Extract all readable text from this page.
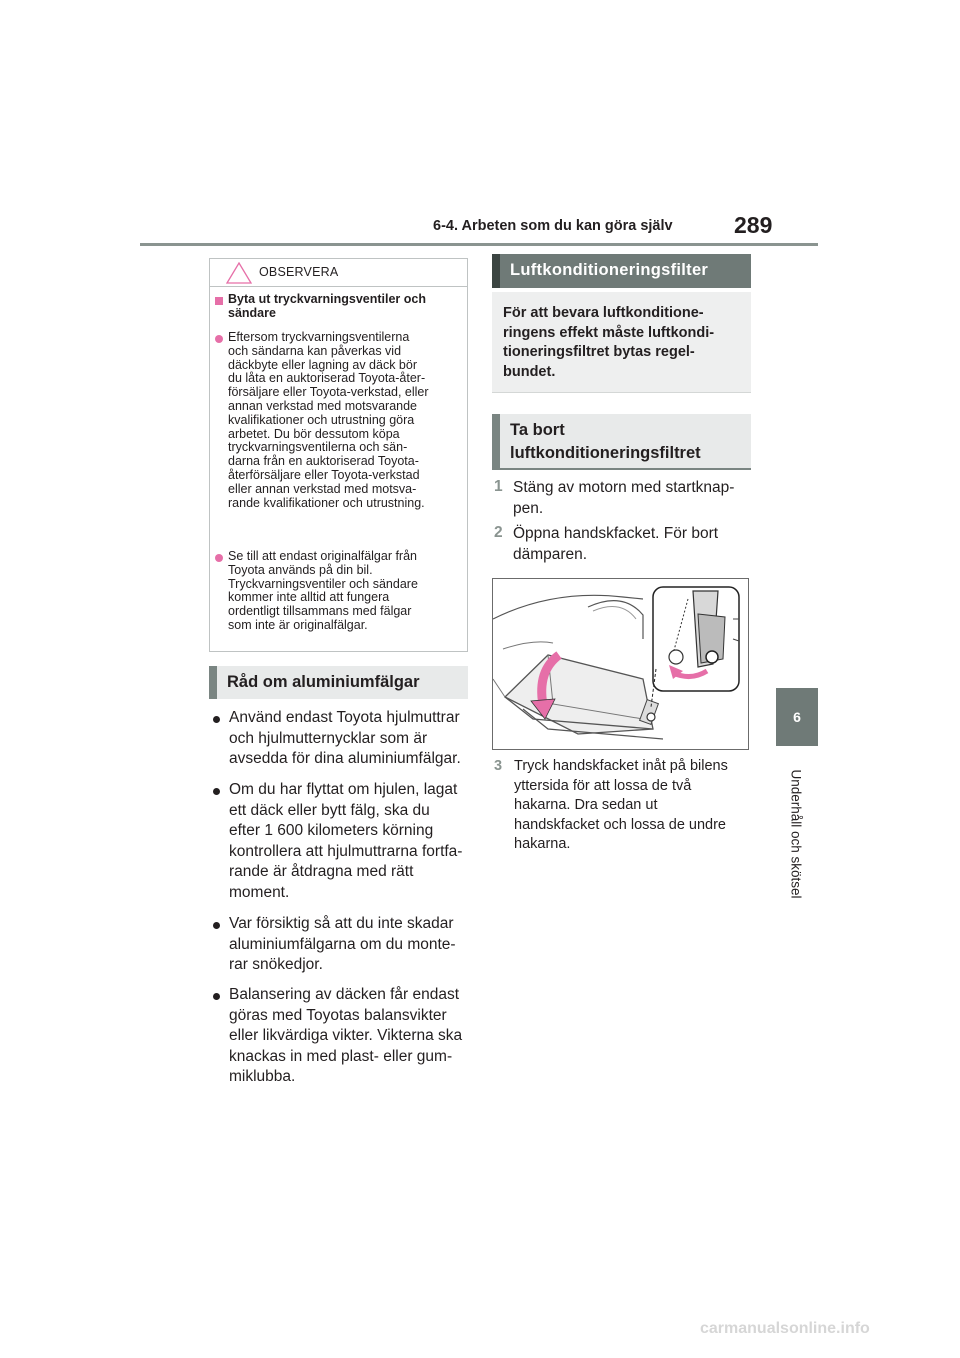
6-4. Arbeten som du kan göra själv	289
6
Underhåll och skötsel
OBSERVERA
Byta ut tryckvarningsventiler och
sändare
Eftersom tryckvarningsventilerna
och sändarna kan påverkas vid
däckbyte eller lagning av däck bör
du låta en auktoriserad Toyota-åter-
försäljare eller Toyota-verkstad, eller
annan verkstad med motsvarande
kvalifikationer och utrustning göra
arbetet. Du bör dessutom köpa
tryckvarningsventilerna och sän-
darna från en auktoriserad Toyota-
återförsäljare eller Toyota-verkstad
eller annan verkstad med motsva-
rande kvalifikationer och utrustning.
Se till att endast originalfälgar från
Toyota används på din bil.
Tryckvarningsventiler och sändare
kommer inte alltid att fungera
ordentligt tillsammans med fälgar
som inte är originalfälgar.
Råd om aluminiumfälgar
Använd endast Toyota hjulmuttrar
och hjulmutternycklar som är
avsedda för dina aluminiumfälgar.
Om du har flyttat om hjulen, lagat
ett däck eller bytt fälg, ska du
efter 1 600 kilometers körning
kontrollera att hjulmuttrarna fortfa-
rande är åtdragna med rätt
moment.
Var försiktig så att du inte skadar
aluminiumfälgarna om du monte-
rar snökedjor.
Balansering av däcken får endast
göras med Toyotas balansvikter
eller likvärdiga vikter. Vikterna ska
knackas in med plast- eller gum-
miklubba.
Luftkonditioneringsfilter
För att bevara luftkonditione-
ringens effekt måste luftkondi-
tioneringsfiltret bytas regel-
bundet.
Ta bort
luftkonditioneringsfiltret
1 Stäng av motorn med startknap-
pen.
2 Öppna handskfacket. För bort
dämparen.
3 Tryck handskfacket inåt på bilens
yttersida för att lossa de två
hakarna. Dra sedan ut
handskfacket och lossa de undre
hakarna.
carmanualsonline.info
